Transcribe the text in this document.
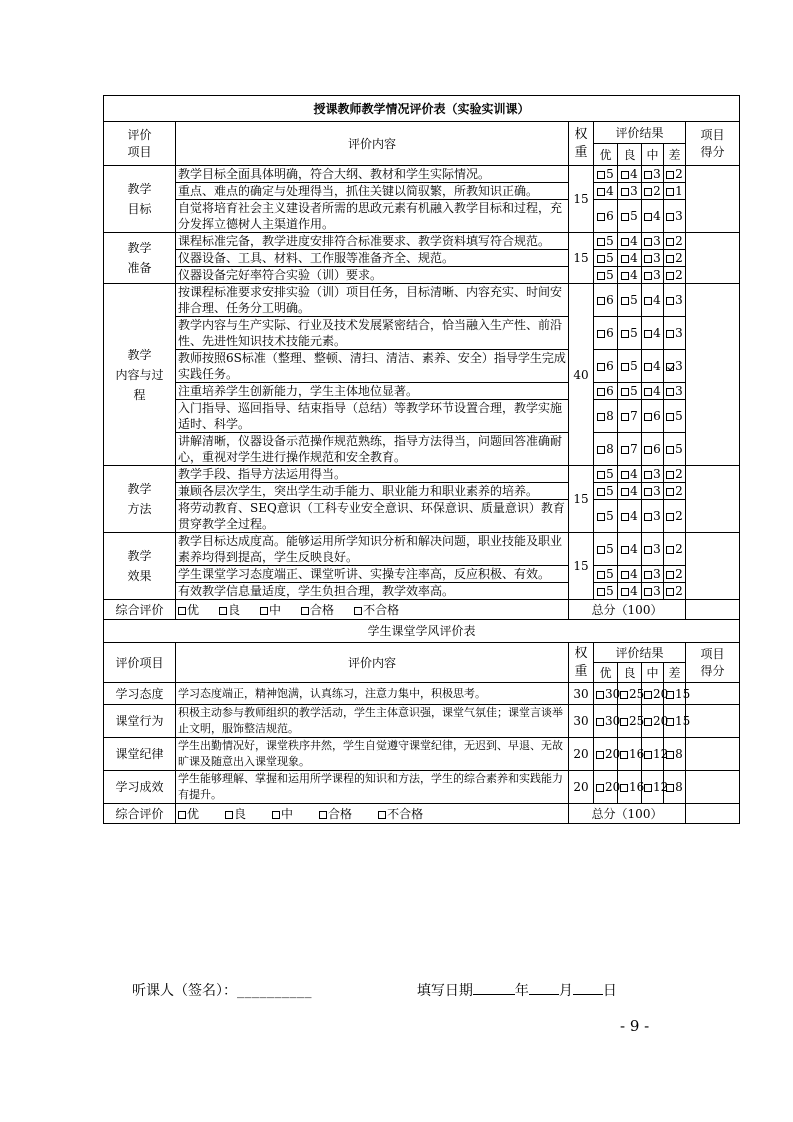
授课教师教学情况评价表（实验实训课）							
评价
项目	评价内容	权
重	评价结果				项目
得分
			优	良	中	差	
教学
目标	教学目标全面具体明确，符合大纲、教材和学生实际情况。	15	5	4	3	2	
	重点、难点的确定与处理得当，抓住关键以简驭繁，所教知识正确。		4	3	2	1	
	自觉将培育社会主义建设者所需的思政元素有机融入教学目标和过程，充分发挥立德树人主渠道作用。		6	5	4	3	
教学
准备	课程标准完备，教学进度安排符合标准要求、教学资料填写符合规范。	15	5	4	3	2	
	仪器设备、工具、材料、工作服等准备齐全、规范。		5	4	3	2	
	仪器设备完好率符合实验（训）要求。		5	4	3	2	
教学
内容与过
程	按课程标准要求安排实验（训）项目任务，目标清晰、内容充实、时间安排合理、任务分工明确。	40	6	5	4	3	
	教学内容与生产实际、行业及技术发展紧密结合，恰当融入生产性、前沿性、先进性知识技术技能元素。		6	5	4	3	
	教师按照6S标准（整理、整顿、清扫、清洁、素养、安全）指导学生完成实践任务。		6	5	4	3	
	注重培养学生创新能力，学生主体地位显著。		6	5	4	3	
	入门指导、巡回指导、结束指导（总结）等教学环节设置合理，教学实施适时、科学。		8	7	6	5	
	讲解清晰，仪器设备示范操作规范熟练，指导方法得当，问题回答准确耐心，重视对学生进行操作规范和安全教育。		8	7	6	5	
教学
方法	教学手段、指导方法运用得当。	15	5	4	3	2	
	兼顾各层次学生，突出学生动手能力、职业能力和职业素养的培养。		5	4	3	2	
	将劳动教育、SEQ意识（工科专业安全意识、环保意识、质量意识）教育贯穿教学全过程。		5	4	3	2	
教学
效果	教学目标达成度高。能够运用所学知识分析和解决问题，职业技能及职业素养均得到提高，学生反映良好。	15	5	4	3	2	
	学生课堂学习态度端正、课堂听讲、实操专注率高，反应积极、有效。		5	4	3	2	
	有效教学信息量适度，学生负担合理，教学效率高。		5	4	3	2	
综合评价	优 良 中 合格 不合格	总分（100）					
学生课堂学风评价表							
评价项目	评价内容	权
重	评价结果				项目
得分
			优	良	中	差	
学习态度	学习态度端正，精神饱满，认真练习，注意力集中，积极思考。	30	30	25	20	15	
课堂行为	积极主动参与教师组织的教学活动，学生主体意识强，课堂气氛佳；课堂言谈举止文明，服饰整洁规范。	30	30	25	20	15	
课堂纪律	学生出勤情况好，课堂秩序井然，学生自觉遵守课堂纪律，无迟到、早退、无故旷课及随意出入课堂现象。	20	20	16	12	8	
学习成效	学生能够理解、掌握和运用所学课程的知识和方法，学生的综合素养和实践能力有提升。	20	20	16	12	8	
综合评价	优 良 中 合格 不合格	总分（100）					
听课人（签名）：__________	填写日期	年 月 日
- 9 -
